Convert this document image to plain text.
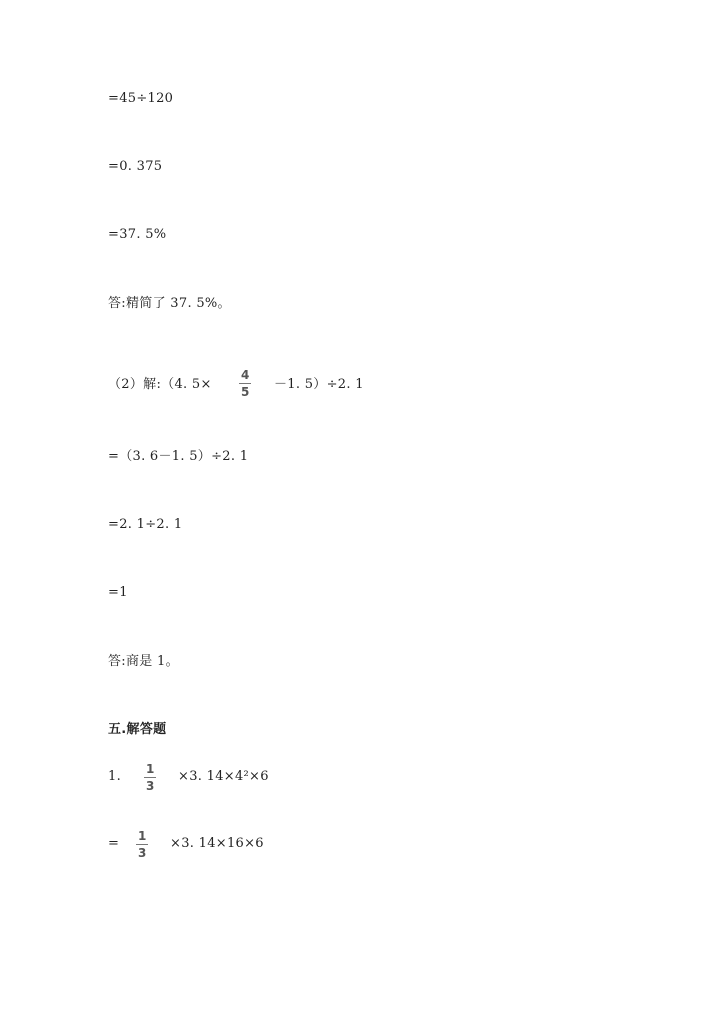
=45÷120
=0. 375
=37. 5%
答:精简了 37. 5%。
（2）解:（4. 5×
4
5 －1. 5）÷2. 1
=（3. 6－1. 5）÷2. 1
=2. 1÷2. 1
=1
答:商是 1。
五.解答题
1. 1
3
×3. 14×4²×6
= 1
3
×3. 14×16×6
